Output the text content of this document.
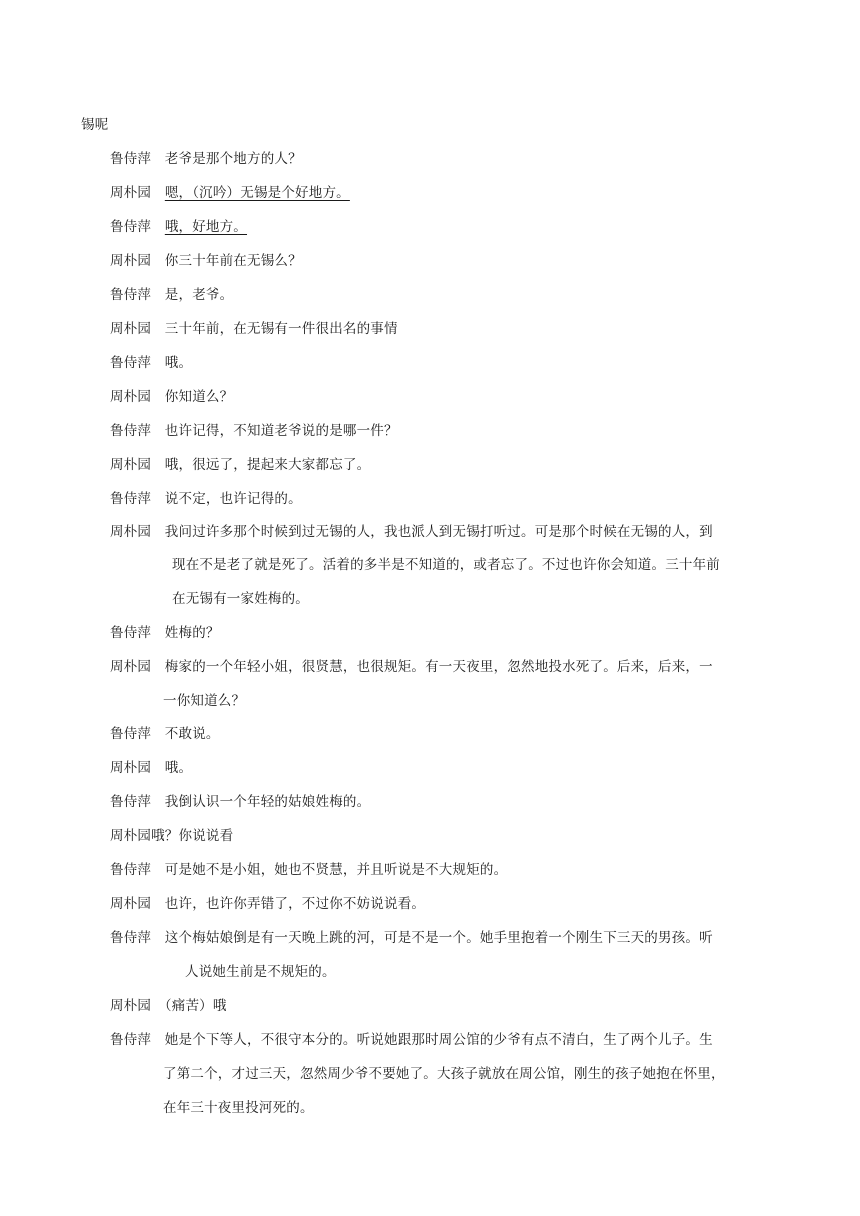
锡呢
鲁侍萍　老爷是那个地方的人？
周朴园　嗯，（沉吟）无锡是个好地方。
鲁侍萍　哦，好地方。
周朴园　你三十年前在无锡么？
鲁侍萍　是，老爷。
周朴园　三十年前，在无锡有一件很出名的事情
鲁侍萍　哦。
周朴园　你知道么？
鲁侍萍　也许记得，不知道老爷说的是哪一件？
周朴园　哦，很远了，提起来大家都忘了。
鲁侍萍　说不定，也许记得的。
周朴园　我问过许多那个时候到过无锡的人，我也派人到无锡打听过。可是那个时候在无锡的人，到
现在不是老了就是死了。活着的多半是不知道的，或者忘了。不过也许你会知道。三十年前
在无锡有一家姓梅的。
鲁侍萍　姓梅的？
周朴园　梅家的一个年轻小姐，很贤慧，也很规矩。有一天夜里，忽然地投水死了。后来，后来，一
一你知道么？
鲁侍萍　不敢说。
周朴园　哦。
鲁侍萍　我倒认识一个年轻的姑娘姓梅的。
周朴园哦？你说说看
鲁侍萍　可是她不是小姐，她也不贤慧，并且听说是不大规矩的。
周朴园　也许，也许你弄错了，不过你不妨说说看。
鲁侍萍　这个梅姑娘倒是有一天晚上跳的河，可是不是一个。她手里抱着一个刚生下三天的男孩。听
人说她生前是不规矩的。
周朴园　（痛苦）哦
鲁侍萍　她是个下等人，不很守本分的。听说她跟那时周公馆的少爷有点不清白，生了两个儿子。生
了第二个，才过三天，忽然周少爷不要她了。大孩子就放在周公馆，刚生的孩子她抱在怀里，
在年三十夜里投河死的。
